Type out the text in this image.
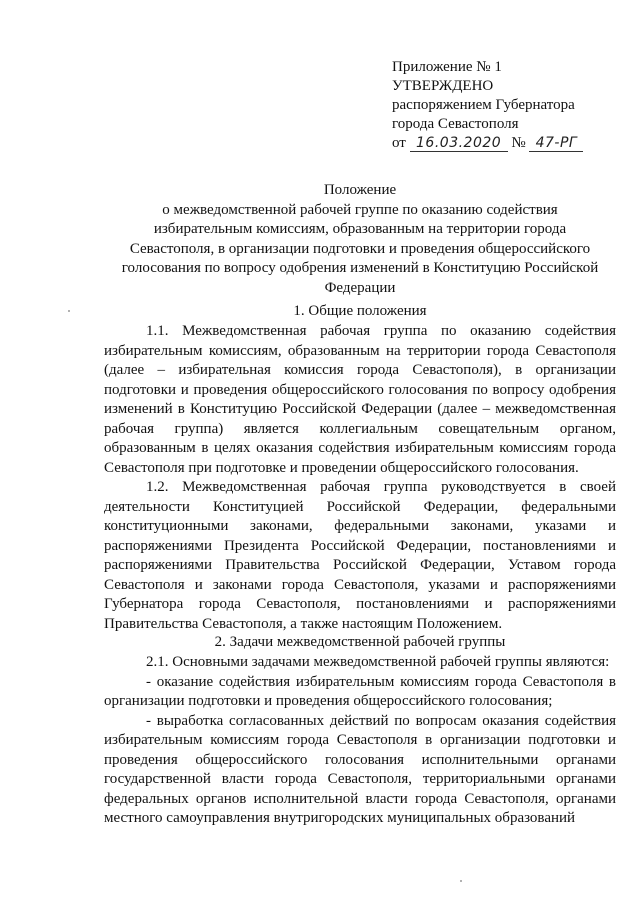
Приложение № 1
УТВЕРЖДЕНО
распоряжением Губернатора
города Севастополя
от 16.03.2020 № 47-РГ
Положение
о межведомственной рабочей группе по оказанию содействия
избирательным комиссиям, образованным на территории города
Севастополя, в организации подготовки и проведения общероссийского
голосования по вопросу одобрения изменений в Конституцию Российской
Федерации
1. Общие положения

1.1. Межведомственная рабочая группа по оказанию содействия избирательным комиссиям, образованным на территории города Севастополя (далее – избирательная комиссия города Севастополя), в организации подготовки и проведения общероссийского голосования по вопросу одобрения изменений в Конституцию Российской Федерации (далее – межведомственная рабочая группа) является коллегиальным совещательным органом, образованным в целях оказания содействия избирательным комиссиям города Севастополя при подготовке и проведении общероссийского голосования.

1.2. Межведомственная рабочая группа руководствуется в своей деятельности Конституцией Российской Федерации, федеральными конституционными законами, федеральными законами, указами и распоряжениями Президента Российской Федерации, постановлениями и распоряжениями Правительства Российской Федерации, Уставом города Севастополя и законами города Севастополя, указами и распоряжениями Губернатора города Севастополя, постановлениями и распоряжениями Правительства Севастополя, а также настоящим Положением.

2. Задачи межведомственной рабочей группы

2.1. Основными задачами межведомственной рабочей группы являются:

- оказание содействия избирательным комиссиям города Севастополя в организации подготовки и проведения общероссийского голосования;

- выработка согласованных действий по вопросам оказания содействия избирательным комиссиям города Севастополя в организации подготовки и проведения общероссийского голосования исполнительными органами государственной власти города Севастополя, территориальными органами федеральных органов исполнительной власти города Севастополя, органами местного самоуправления внутригородских муниципальных образований
